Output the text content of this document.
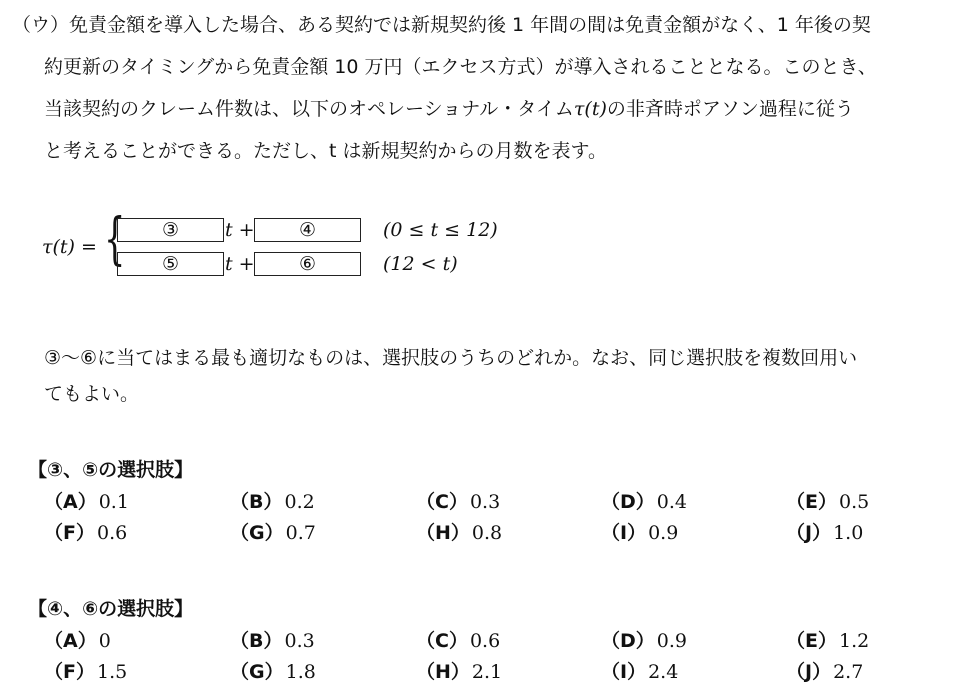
（ウ）免責金額を導入した場合、ある契約では新規契約後 1 年間の間は免責金額がなく、1 年後の契
約更新のタイミングから免責金額 10 万円（エクセス方式）が導入されることとなる。このとき、
当該契約のクレーム件数は、以下のオペレーショナル・タイムτ(t)の非斉時ポアソン過程に従う
と考えることができる。ただし、t は新規契約からの月数を表す。
τ(t) = {	③	t +	④	(0 ≤ t ≤ 12)
⑤	t +	⑥	(12 < t)
③～⑥に当てはまる最も適切なものは、選択肢のうちのどれか。なお、同じ選択肢を複数回用い
てもよい。
【③、⑤の選択肢】
（A） 0.1	（B） 0.2	（C） 0.3	（D） 0.4	（E） 0.5
（F） 0.6	（G） 0.7	（H） 0.8	（I） 0.9	（J） 1.0
【④、⑥の選択肢】
（A） 0	（B） 0.3	（C） 0.6	（D） 0.9	（E） 1.2
（F） 1.5	（G） 1.8	（H） 2.1	（I） 2.4	（J） 2.7
